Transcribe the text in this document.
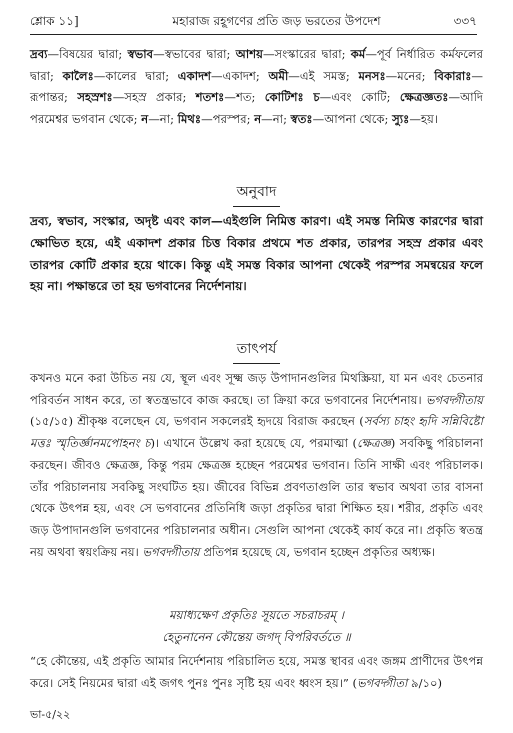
শ্লোক ১১]	মহারাজ রহূগণের প্রতি জড় ভরতের উপদেশ	৩৩৭
দ্রব্য—বিষয়ের দ্বারা; স্বভাব—স্বভাবের দ্বারা; আশয়—সংস্কারের দ্বারা; কর্ম—পূর্ব নির্ধারিত কর্মফলের দ্বারা; কালৈঃ—কালের দ্বারা; একাদশ—একাদশ; অমী—এই সমস্ত; মনসঃ—মনের; বিকারাঃ—রূপান্তর; সহস্রশঃ—সহস্র প্রকার; শতশঃ—শত; কোটিশঃ চ—এবং কোটি; ক্ষেত্রজ্ঞতঃ—আদি পরমেশ্বর ভগবান থেকে; ন—না; মিথঃ—পরস্পর; ন—না; স্বতঃ—আপনা থেকে; স্যুঃ—হয়।
অনুবাদ
দ্রব্য, স্বভাব, সংস্কার, অদৃষ্ট এবং কাল—এইগুলি নিমিত্ত কারণ। এই সমস্ত নিমিত্ত কারণের দ্বারা ক্ষোভিত হয়ে, এই একাদশ প্রকার চিত্ত বিকার প্রথমে শত প্রকার, তারপর সহস্র প্রকার এবং তারপর কোটি প্রকার হয়ে থাকে। কিন্তু এই সমস্ত বিকার আপনা থেকেই পরস্পর সমন্বয়ের ফলে হয় না। পক্ষান্তরে তা হয় ভগবানের নির্দেশনায়।
তাৎপর্য
কখনও মনে করা উচিত নয় যে, স্থূল এবং সূক্ষ্ম জড় উপাদানগুলির মিথস্ক্রিয়া, যা মন এবং চেতনার পরিবর্তন সাধন করে, তা স্বতন্ত্রভাবে কাজ করছে। তা ক্রিয়া করে ভগবানের নির্দেশনায়। ভগবদ্গীতায় (১৫/১৫) শ্রীকৃষ্ণ বলেছেন যে, ভগবান সকলেরই হৃদয়ে বিরাজ করছেন (সর্বস্য চাহং হৃদি সন্নিবিষ্টো মত্তঃ স্মৃতির্জ্ঞানমপোহনং চ)। এখানে উল্লেখ করা হয়েছে যে, পরমাত্মা (ক্ষেত্রজ্ঞ) সবকিছু পরিচালনা করছেন। জীবও ক্ষেত্রজ্ঞ, কিন্তু পরম ক্ষেত্রজ্ঞ হচ্ছেন পরমেশ্বর ভগবান। তিনি সাক্ষী এবং পরিচালক। তাঁর পরিচালনায় সবকিছু সংঘটিত হয়। জীবের বিভিন্ন প্রবণতাগুলি তার স্বভাব অথবা তার বাসনা থেকে উৎপন্ন হয়, এবং সে ভগবানের প্রতিনিধি জড়া প্রকৃতির দ্বারা শিক্ষিত হয়। শরীর, প্রকৃতি এবং জড় উপাদানগুলি ভগবানের পরিচালনার অধীন। সেগুলি আপনা থেকেই কার্য করে না। প্রকৃতি স্বতন্ত্র নয় অথবা স্বয়ংক্রিয় নয়। ভগবদ্গীতায় প্রতিপন্ন হয়েছে যে, ভগবান হচ্ছেন প্রকৃতির অধ্যক্ষ।
ময়াধ্যক্ষেণ প্রকৃতিঃ সূয়তে সচরাচরম্ ।
হেতুনানেন কৌন্তেয় জগদ্ বিপরিবর্ততে ॥
“হে কৌন্তেয়, এই প্রকৃতি আমার নির্দেশনায় পরিচালিত হয়ে, সমস্ত স্থাবর এবং জঙ্গম প্রাণীদের উৎপন্ন করে। সেই নিয়মের দ্বারা এই জগৎ পুনঃ পুনঃ সৃষ্টি হয় এবং ধ্বংস হয়।” (ভগবদ্গীতা ৯/১০)
ভা-৫/২২
